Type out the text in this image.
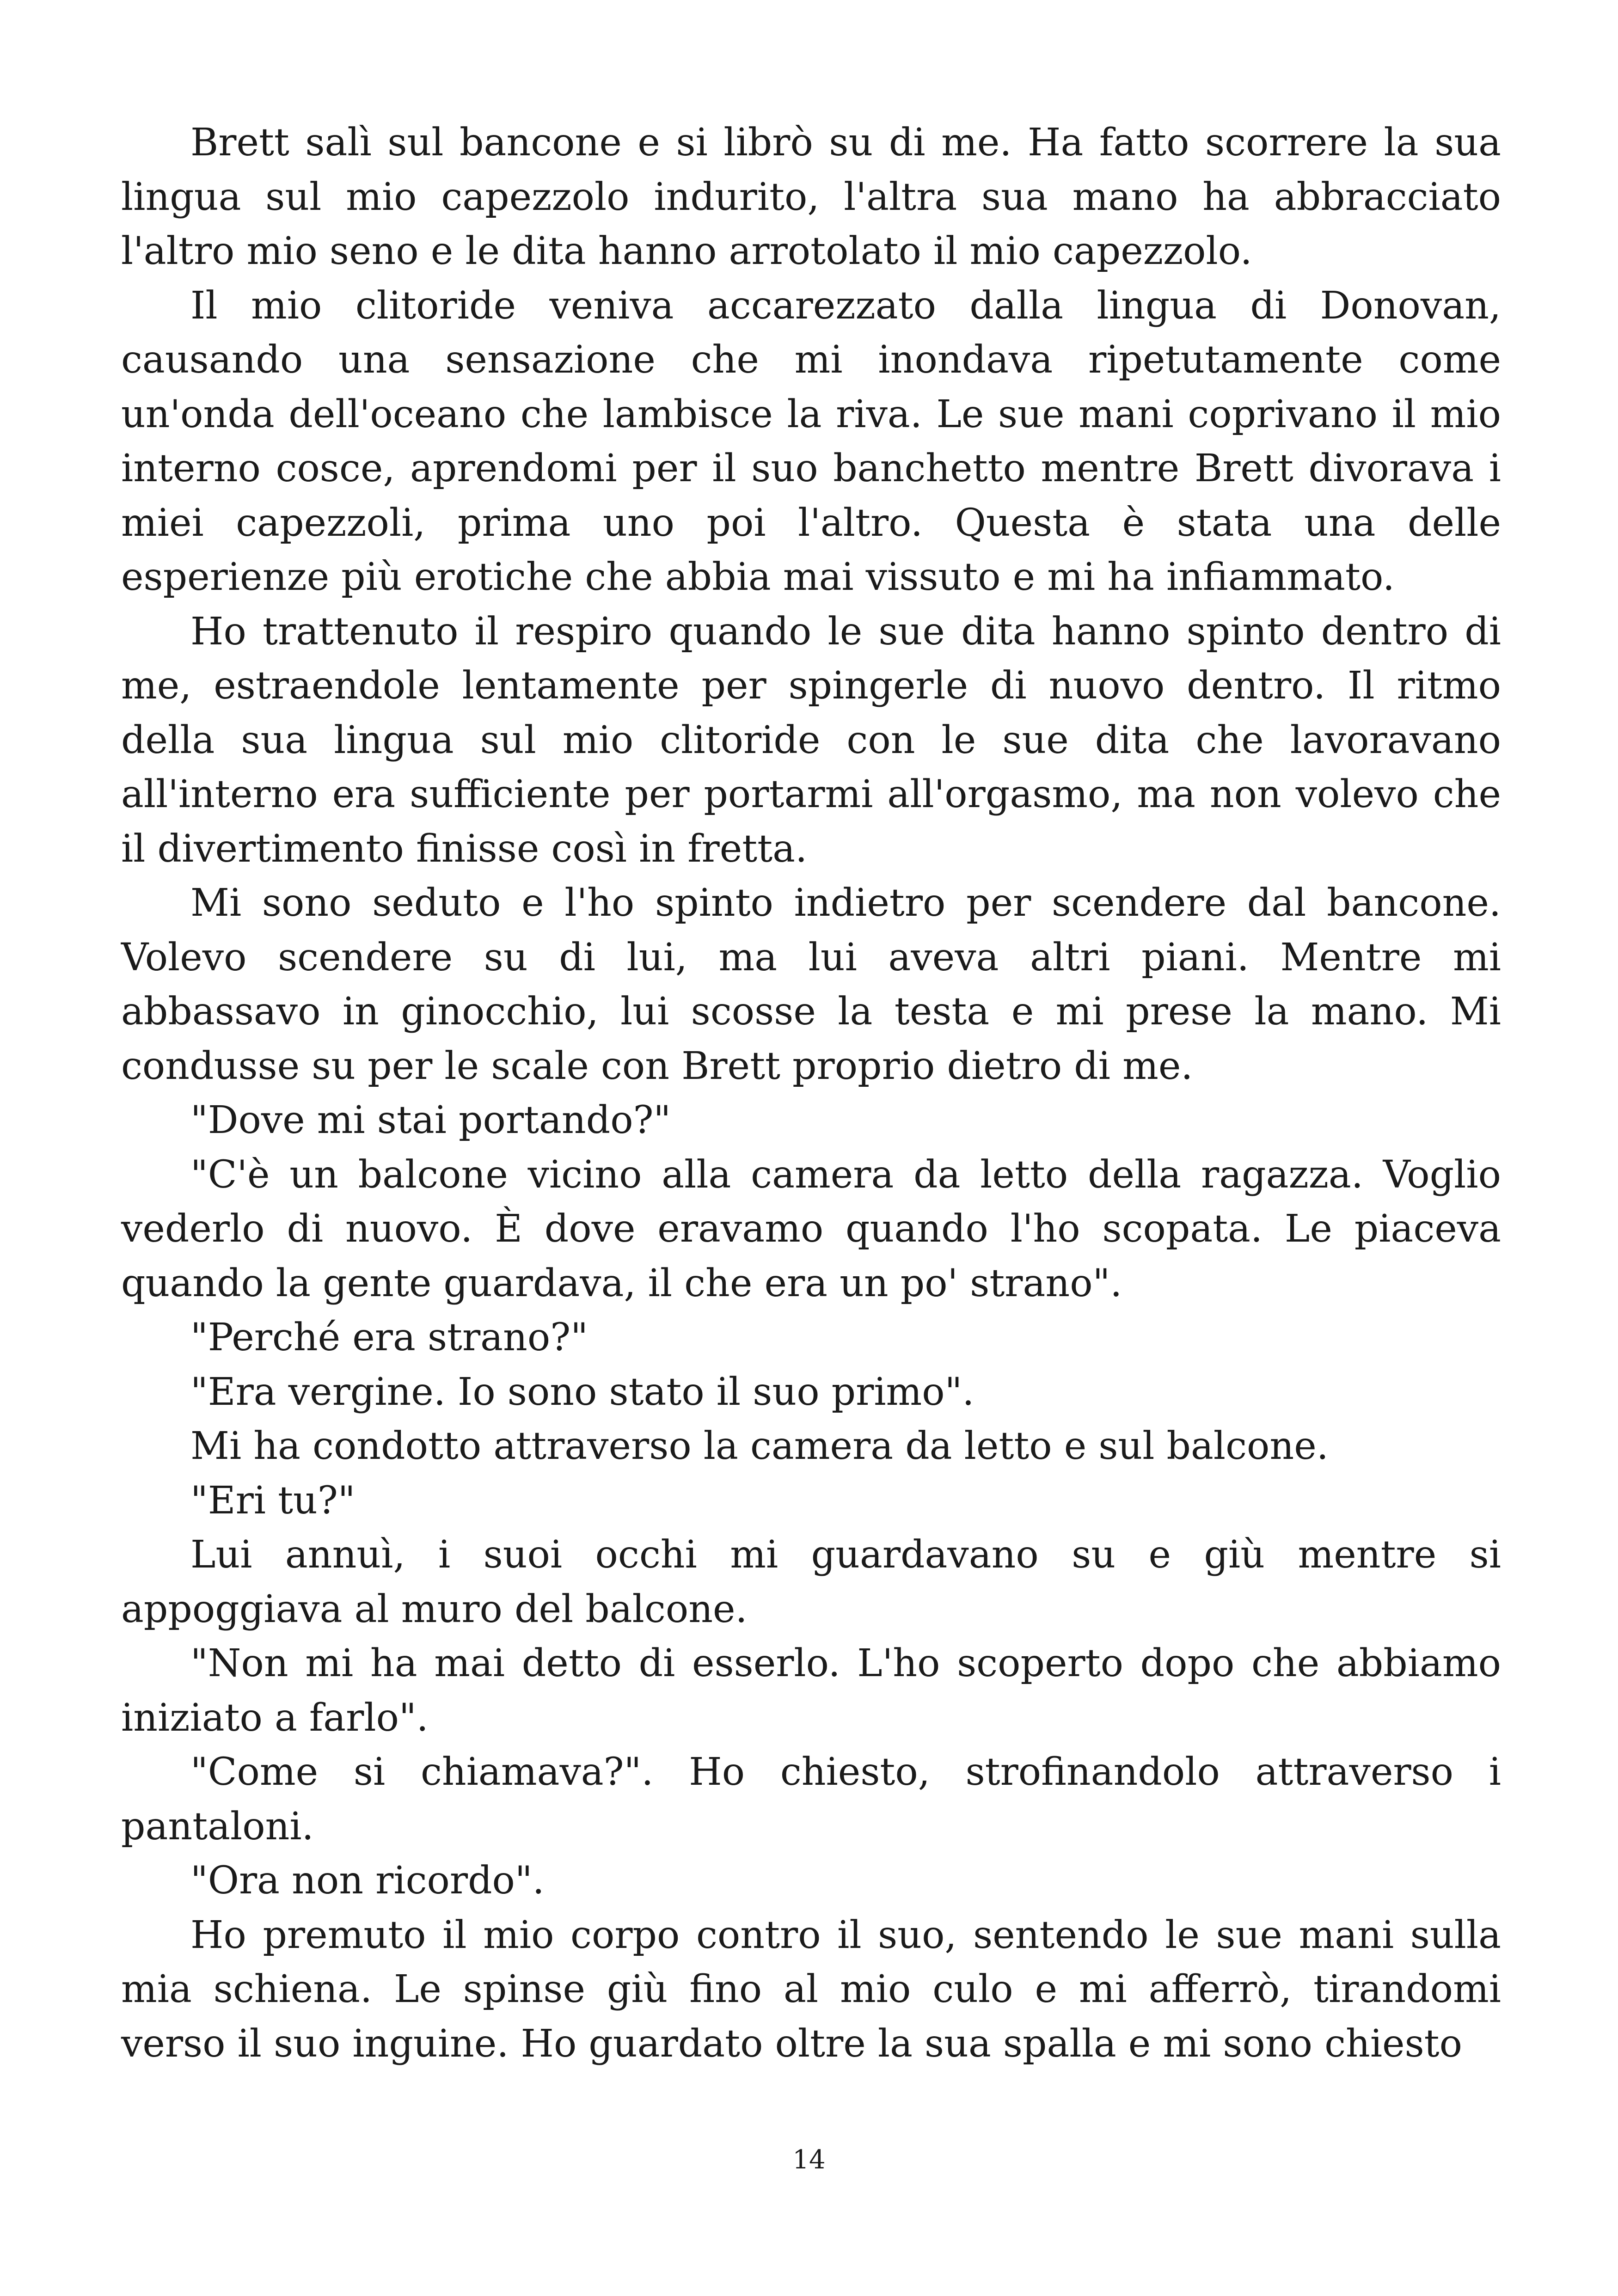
Brett salì sul bancone e si librò su di me. Ha fatto scorrere la sua lingua sul mio capezzolo indurito, l'altra sua mano ha abbracciato l'altro mio seno e le dita hanno arrotolato il mio capezzolo.

Il mio clitoride veniva accarezzato dalla lingua di Donovan, causando una sensazione che mi inondava ripetutamente come un'onda dell'oceano che lambisce la riva. Le sue mani coprivano il mio interno cosce, aprendomi per il suo banchetto mentre Brett divorava i miei capezzoli, prima uno poi l'altro. Questa è stata una delle esperienze più erotiche che abbia mai vissuto e mi ha infiammato.

Ho trattenuto il respiro quando le sue dita hanno spinto dentro di me, estraendole lentamente per spingerle di nuovo dentro. Il ritmo della sua lingua sul mio clitoride con le sue dita che lavoravano all'interno era sufficiente per portarmi all'orgasmo, ma non volevo che il divertimento finisse così in fretta.

Mi sono seduto e l'ho spinto indietro per scendere dal bancone. Volevo scendere su di lui, ma lui aveva altri piani. Mentre mi abbassavo in ginocchio, lui scosse la testa e mi prese la mano. Mi condusse su per le scale con Brett proprio dietro di me.

"Dove mi stai portando?"

"C'è un balcone vicino alla camera da letto della ragazza. Voglio vederlo di nuovo. È dove eravamo quando l'ho scopata. Le piaceva quando la gente guardava, il che era un po' strano".

"Perché era strano?"

"Era vergine. Io sono stato il suo primo".

Mi ha condotto attraverso la camera da letto e sul balcone.

"Eri tu?"

Lui annuì, i suoi occhi mi guardavano su e giù mentre si appoggiava al muro del balcone.

"Non mi ha mai detto di esserlo. L'ho scoperto dopo che abbiamo iniziato a farlo".

"Come si chiamava?". Ho chiesto, strofinandolo attraverso i pantaloni.

"Ora non ricordo".

Ho premuto il mio corpo contro il suo, sentendo le sue mani sulla mia schiena. Le spinse giù fino al mio culo e mi afferrò, tirandomi verso il suo inguine. Ho guardato oltre la sua spalla e mi sono chiesto

14
